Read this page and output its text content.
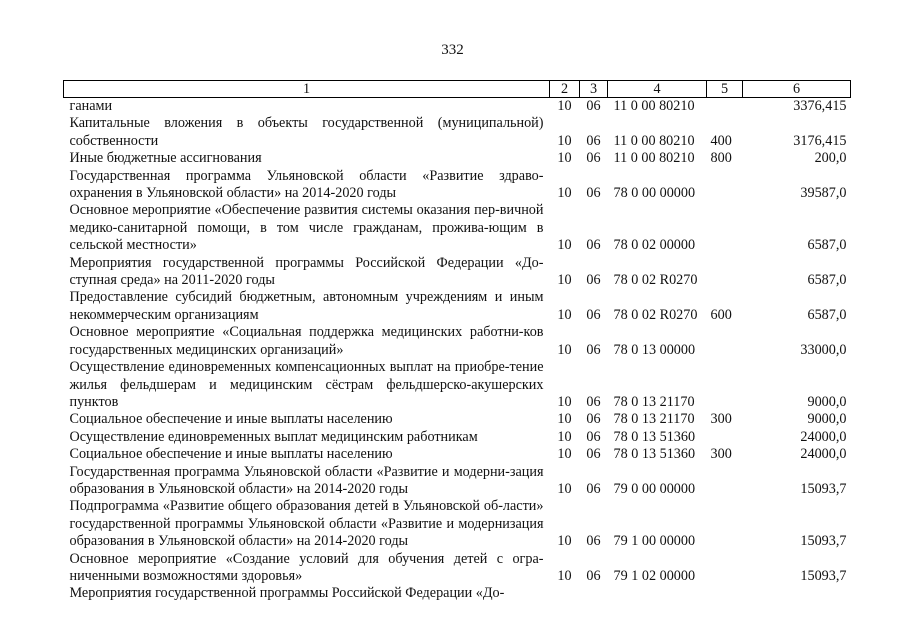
332
1	2	3	4	5	6
ганами	10	06	11 0 00 80210		3376,415
Капитальные вложения в объекты государственной (муниципальной) собственности	10	06	11 0 00 80210	400	3176,415
Иные бюджетные ассигнования	10	06	11 0 00 80210	800	200,0
Государственная программа Ульяновской области «Развитие здраво-охранения в Ульяновской области» на 2014-2020 годы	10	06	78 0 00 00000		39587,0
Основное мероприятие «Обеспечение развития системы оказания пер-вичной медико-санитарной помощи, в том числе гражданам, прожива-ющим в сельской местности»	10	06	78 0 02 00000		6587,0
Мероприятия государственной программы Российской Федерации «До-ступная среда» на 2011-2020 годы	10	06	78 0 02 R0270		6587,0
Предоставление субсидий бюджетным, автономным учреждениям и иным некоммерческим организациям	10	06	78 0 02 R0270	600	6587,0
Основное мероприятие «Социальная поддержка медицинских работни-ков государственных медицинских организаций»	10	06	78 0 13 00000		33000,0
Осуществление единовременных компенсационных выплат на приобре-тение жилья фельдшерам и медицинским сёстрам фельдшерско-акушерских пунктов	10	06	78 0 13 21170		9000,0
Социальное обеспечение и иные выплаты населению	10	06	78 0 13 21170	300	9000,0
Осуществление единовременных выплат медицинским работникам	10	06	78 0 13 51360		24000,0
Социальное обеспечение и иные выплаты населению	10	06	78 0 13 51360	300	24000,0
Государственная программа Ульяновской области «Развитие и модерни-зация образования в Ульяновской области» на 2014-2020 годы	10	06	79 0 00 00000		15093,7
Подпрограмма «Развитие общего образования детей в Ульяновской об-ласти» государственной программы Ульяновской области «Развитие и модернизация образования в Ульяновской области» на 2014-2020 годы	10	06	79 1 00 00000		15093,7
Основное мероприятие «Создание условий для обучения детей с огра-ниченными возможностями здоровья»	10	06	79 1 02 00000		15093,7
Мероприятия государственной программы Российской Федерации «До-					
